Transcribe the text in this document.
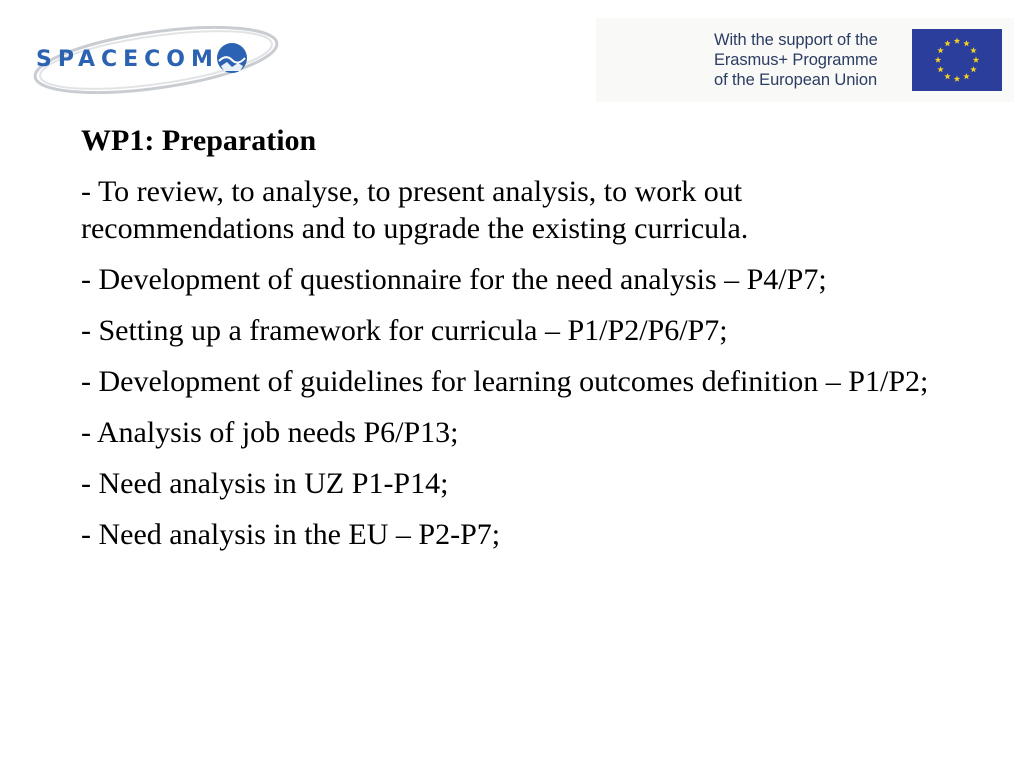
SPACECOM
With the support of the
Erasmus+ Programme
of the European Union
WP1: Preparation
- To review, to analyse, to present analysis, to work out recommendations and to upgrade the existing curricula.
- Development of questionnaire for the need analysis – P4/P7;
- Setting up a framework for curricula – P1/P2/P6/P7;
- Development of guidelines for learning outcomes definition – P1/P2;
- Analysis of job needs P6/P13;
- Need analysis in UZ P1-P14;
- Need analysis in the EU – P2-P7;
